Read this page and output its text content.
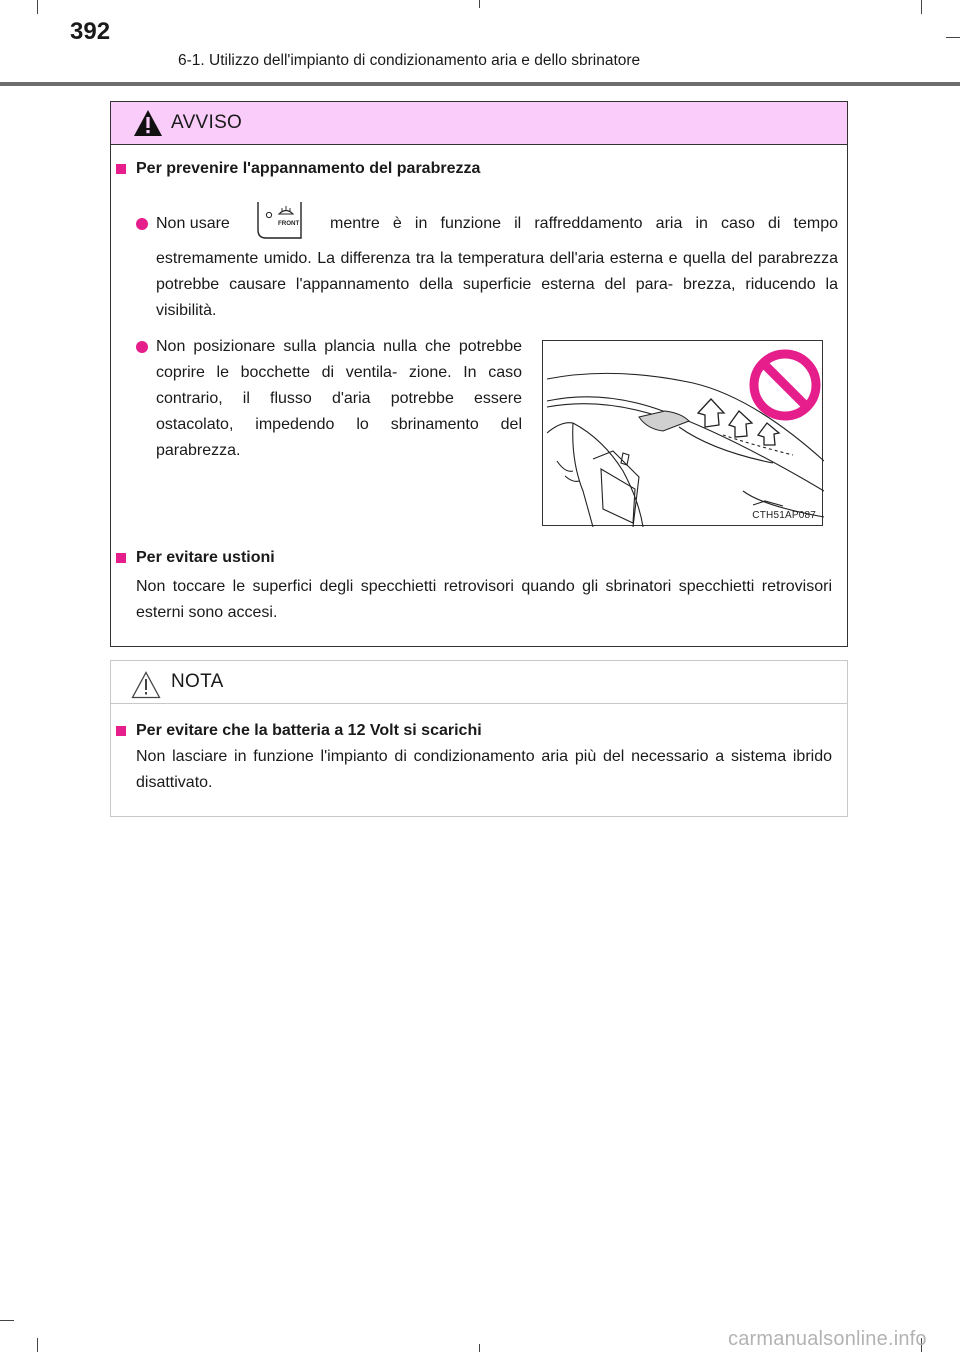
392
6-1. Utilizzo dell'impianto di condizionamento aria e dello sbrinatore
AVVISO
Per prevenire l'appannamento del parabrezza
Non usare	FRONT mentre è in funzione il raffreddamento aria in caso di tempo

estremamente umido. La differenza tra la temperatura dell'aria esterna e quella del parabrezza potrebbe causare l'appannamento della superficie esterna del para- brezza, riducendo la visibilità.

Non posizionare sulla plancia nulla che potrebbe coprire le bocchette di ventila- zione. In caso contrario, il flusso d'aria potrebbe essere ostacolato, impedendo lo sbrinamento del parabrezza.

CTH51AP087
Per evitare ustioni

Non toccare le superfici degli specchietti retrovisori quando gli sbrinatori specchietti retrovisori esterni sono accesi.

NOTA
Per evitare che la batteria a 12 Volt si scarichi

Non lasciare in funzione l'impianto di condizionamento aria più del necessario a sistema ibrido disattivato.

carmanualsonline.info
